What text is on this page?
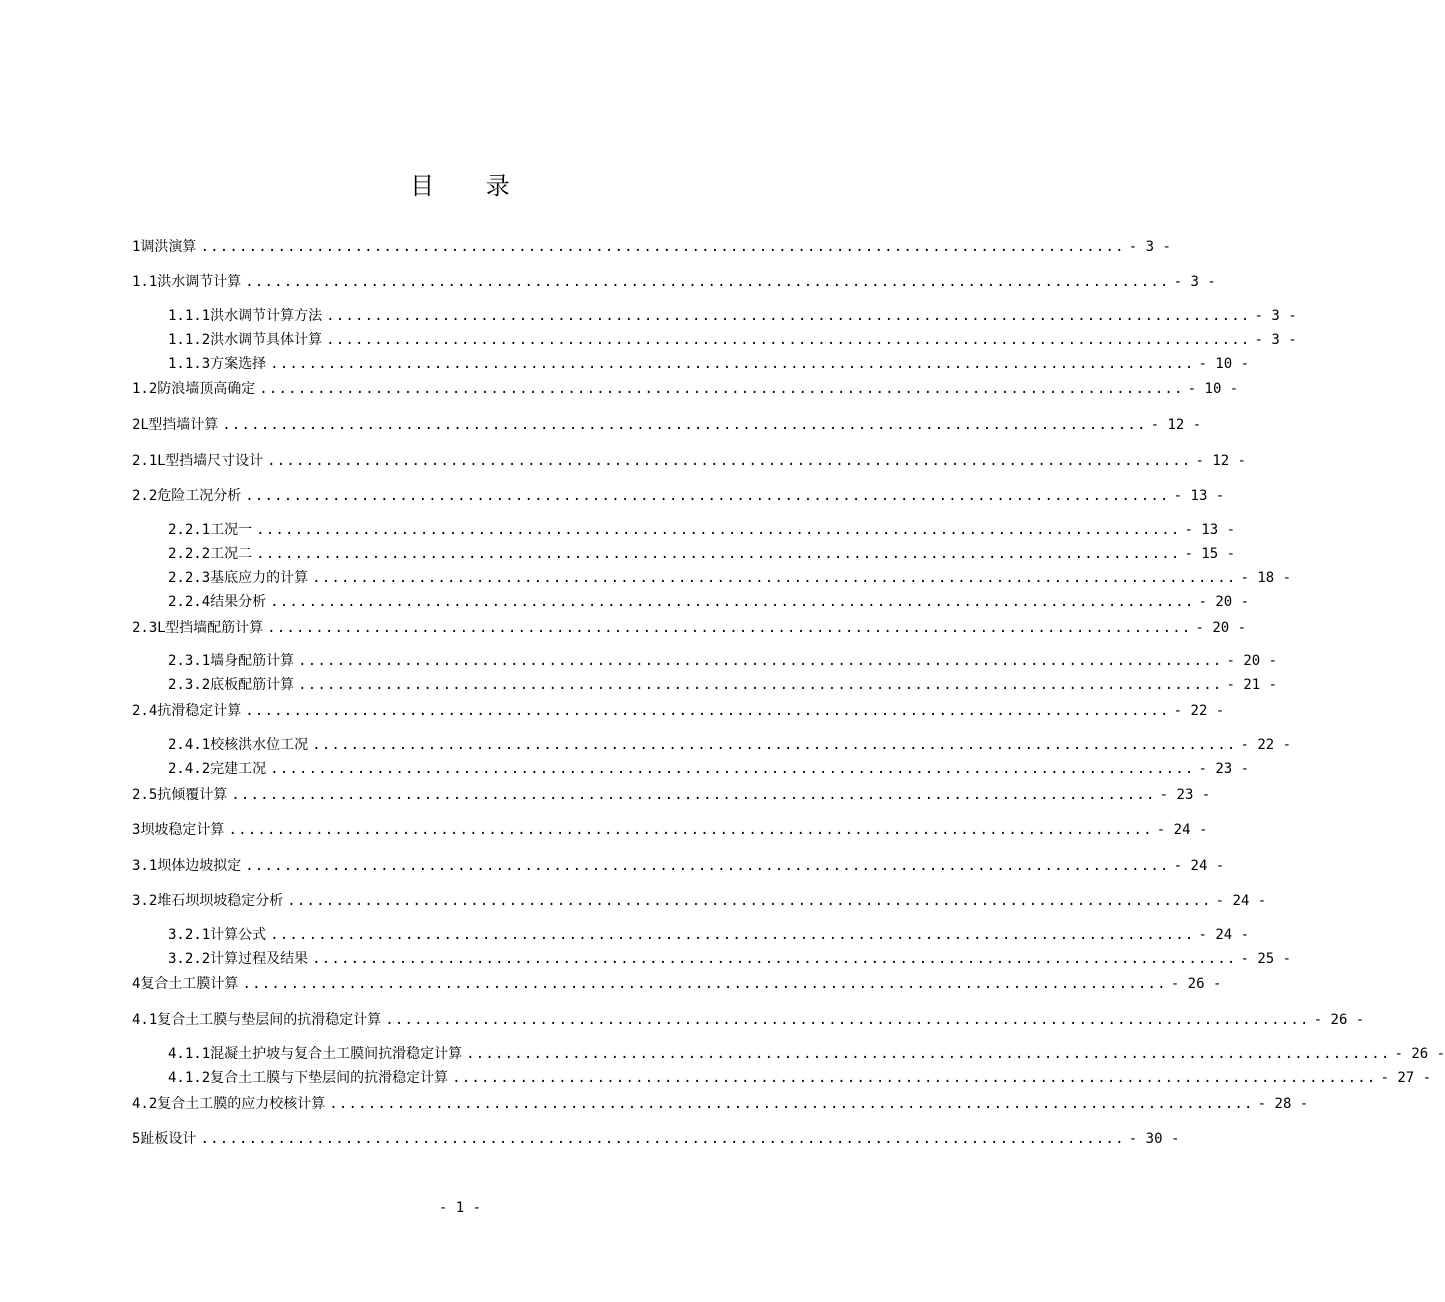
目 录
1 调洪演算 ................................................................................................ - 3 -
1.1 洪水调节计算 ................................................................................................ - 3 -
1.1.1 洪水调节计算方法 ................................................................................................ - 3 -
1.1.2 洪水调节具体计算 ................................................................................................ - 3 -
1.1.3 方案选择 ................................................................................................ - 10 -
1.2 防浪墙顶高确定 ................................................................................................ - 10 -
2 L型挡墙计算 ................................................................................................ - 12 -
2.1 L型挡墙尺寸设计 ................................................................................................ - 12 -
2.2 危险工况分析 ................................................................................................ - 13 -
2.2.1 工况一 ................................................................................................ - 13 -
2.2.2 工况二 ................................................................................................ - 15 -
2.2.3 基底应力的计算 ................................................................................................ - 18 -
2.2.4 结果分析 ................................................................................................ - 20 -
2.3 L型挡墙配筋计算 ................................................................................................ - 20 -
2.3.1 墙身配筋计算 ................................................................................................ - 20 -
2.3.2 底板配筋计算 ................................................................................................ - 21 -
2.4 抗滑稳定计算 ................................................................................................ - 22 -
2.4.1 校核洪水位工况 ................................................................................................ - 22 -
2.4.2 完建工况 ................................................................................................ - 23 -
2.5 抗倾覆计算 ................................................................................................ - 23 -
3 坝坡稳定计算 ................................................................................................ - 24 -
3.1 坝体边坡拟定 ................................................................................................ - 24 -
3.2 堆石坝坝坡稳定分析 ................................................................................................ - 24 -
3.2.1 计算公式 ................................................................................................ - 24 -
3.2.2 计算过程及结果 ................................................................................................ - 25 -
4 复合土工膜计算 ................................................................................................ - 26 -
4.1 复合土工膜与垫层间的抗滑稳定计算 ................................................................................................ - 26 -
4.1.1 混凝土护坡与复合土工膜间抗滑稳定计算 ................................................................................................ - 26 -
4.1.2 复合土工膜与下垫层间的抗滑稳定计算 ................................................................................................ - 27 -
4.2 复合土工膜的应力校核计算 ................................................................................................ - 28 -
5 趾板设计 ................................................................................................ - 30 -
- 1 -
